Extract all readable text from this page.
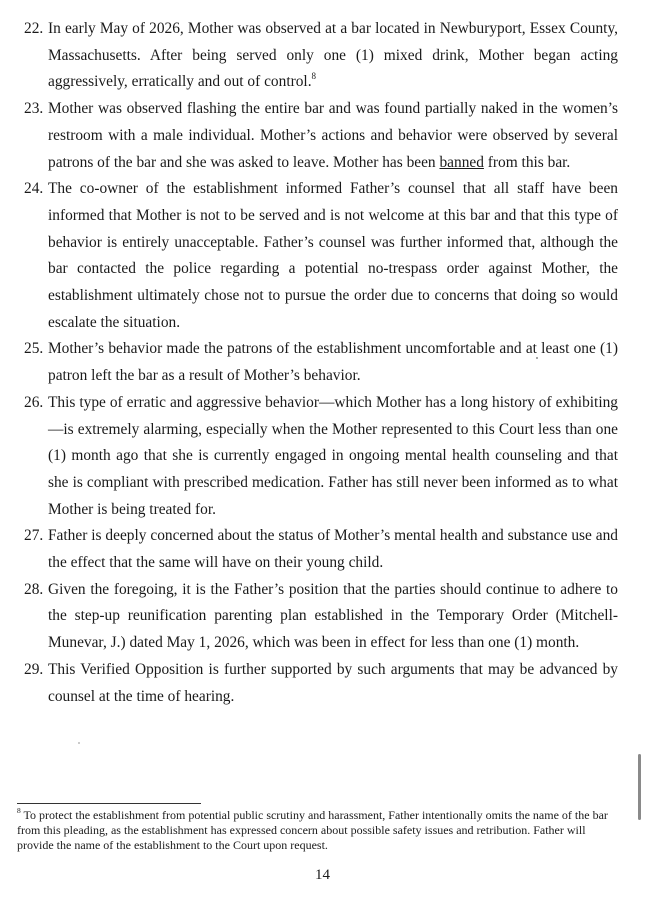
22. In early May of 2026, Mother was observed at a bar located in Newburyport, Essex County, Massachusetts. After being served only one (1) mixed drink, Mother began acting aggressively, erratically and out of control.$^8$

23. Mother was observed flashing the entire bar and was found partially naked in the women’s restroom with a male individual. Mother’s actions and behavior were observed by several patrons of the bar and she was asked to leave. Mother has been banned from this bar.

24. The co-owner of the establishment informed Father’s counsel that all staff have been informed that Mother is not to be served and is not welcome at this bar and that this type of behavior is entirely unacceptable. Father’s counsel was further informed that, although the bar contacted the police regarding a potential no-trespass order against Mother, the establishment ultimately chose not to pursue the order due to concerns that doing so would escalate the situation.

25. Mother’s behavior made the patrons of the establishment uncomfortable and at least one (1) patron left the bar as a result of Mother’s behavior.

26. This type of erratic and aggressive behavior—which Mother has a long history of exhibiting—is extremely alarming, especially when the Mother represented to this Court less than one (1) month ago that she is currently engaged in ongoing mental health counseling and that she is compliant with prescribed medication. Father has still never been informed as to what Mother is being treated for.

27. Father is deeply concerned about the status of Mother’s mental health and substance use and the effect that the same will have on their young child.

28. Given the foregoing, it is the Father’s position that the parties should continue to adhere to the step-up reunification parenting plan established in the Temporary Order (Mitchell-Munevar, J.) dated May 1, 2026, which was been in effect for less than one (1) month.

29. This Verified Opposition is further supported by such arguments that may be advanced by counsel at the time of hearing.

$^8$ To protect the establishment from potential public scrutiny and harassment, Father intentionally omits the name of the bar from this pleading, as the establishment has expressed concern about possible safety issues and retribution. Father will provide the name of the establishment to the Court upon request.

14
